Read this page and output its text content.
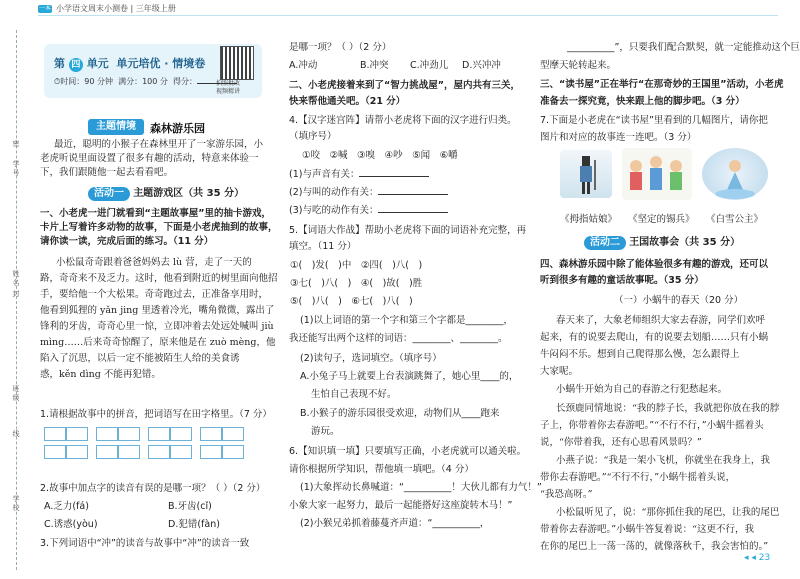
一本 小学语文周末小测卷 | 三年级上册
学号
密
姓名
封
班级
线
学校
第 四 单元 单元培优 · 情境卷
⏱时间：90 分钟 满分：100 分 得分：	拍照批改
视频精讲
主题情境	森林游乐园
最近，聪明的小猴子在森林里开了一家游乐园，小
老虎听说里面设置了很多有趣的活动，特意来体验一
下，我们跟随他一起去看看吧。
活动一 主题游戏区（共 35 分）
一、小老虎一进门就看到“主题故事屋”里的抽卡游戏，
卡片上写着许多动物的故事，下面是小老虎抽到的故事，
请你读一读，完成后面的练习。（11 分）
小松鼠奇奇跟着爸爸妈妈去 lù 营，走了一天的
路，奇奇来不及乏力。这时，他看到附近的树里面向他招
手，要给他一个大松果。奇奇跑过去，正准备享用时，
他看到狐狸的 yǎn jing 里透着冷光，嘴角微微，露出了
锋利的牙齿，奇奇心里一惊，立即冲着去处远处喊叫 jiù
mìng……后来奇奇惊醒了，原来他是在 zuò mèng，他
陷入了沉思，以后一定不能被陌生人给的美食诱
惑，kěn dìng 不能再犯错。
1.请根据故事中的拼音，把词语写在田字格里。（7 分）
2.故事中加点字的读音有误的是哪一项？（ ）（2 分）
A.乏力(fá)	B.牙齿(cǐ)
C.诱惑(yòu)	D.犯错(fàn)
3.下列词语中“冲”的读音与故事中“冲”的读音一致
是哪一项？（ ）（2 分）
A.冲动	B.冲突 C.冲劲儿 D.兴冲冲
二、小老虎接着来到了“智力挑战屋”，屋内共有三关，
快来帮他通关吧。（21 分）
4.【汉字迷宫阵】请帮小老虎将下面的汉字进行归类。
（填序号）
①咬　②喊　③嗅　④吵　⑤闻　⑥嚼
(1)与声音有关：
(2)与叫的动作有关：
(3)与吃的动作有关：
5.【词语大作战】帮助小老虎将下面的词语补充完整，再
填空。（11 分）
①(　)发(　)中　②四(　)八(　)
③七(　)八(　)　④(　)故(　)胜
⑤(　)八(　)　⑥七(　)八(　)
(1)以上词语的第一个字和第三个字都是________，
我还能写出两个这样的词语：________、________。
(2)读句子，选词填空。（填序号）
A.小兔子马上就要上台表演跳舞了，她心里____的，
生怕自己表现不好。
B.小猴子的游乐园很受欢迎，动物们从____跑来
游玩。
6.【知识填一填】只要填写正确，小老虎就可以通关啦。
请你根据所学知识，帮他填一填吧。（4 分）
(1)大象挥动长鼻喊道：“__________！大伙儿都有力气！”
小象大家一起努力，最后一起能搭好这座旋转木马！”
(2)小猴兄弟抓着藤蔓齐声道：“__________，
__________”，只要我们配合默契，就一定能推动这个巨
型摩天轮转起来。
三、“读书屋”正在举行“在那奇妙的王国里”活动，小老虎
准备去一探究竟，快来跟上他的脚步吧。（3 分）
7.下面是小老虎在“读书屋”里看到的几幅图片，请你把
图片和对应的故事连一连吧。（3 分）
《拇指姑娘》 《坚定的锡兵》 《白雪公主》
活动二 王国故事会（共 35 分）
四、森林游乐园中除了能体验很多有趣的游戏，还可以
听到很多有趣的童话故事呢。（35 分）
（一）小蜗牛的春天（20 分）
春天来了，大象老师组织大家去春游，同学们欢呼
起来，有的说要去爬山，有的说要去划船……只有小蜗
牛闷闷不乐。想到自己爬得那么慢，怎么跟得上
大家呢。
小蜗牛开始为自己的春游之行犯愁起来。
长颈鹿同情地说：“我的脖子长，我就把你放在我的脖
子上，你带着你去春游吧。”“不行不行，”小蜗牛摇着头
说，“你带着我，还有心思看风景吗？”
小燕子说：“我是一架小飞机，你就坐在我身上，我
带你去春游吧。”“不行不行，”小蜗牛摇着头说，
“我恐高呀。”
小松鼠听见了，说：“那你抓住我的尾巴，让我的尾巴
带着你去春游吧。”小蜗牛答复着说：“这更不行，我
在你的尾巴上一荡一荡的，就像落秋千，我会害怕的。”
◂ ◂ 23
